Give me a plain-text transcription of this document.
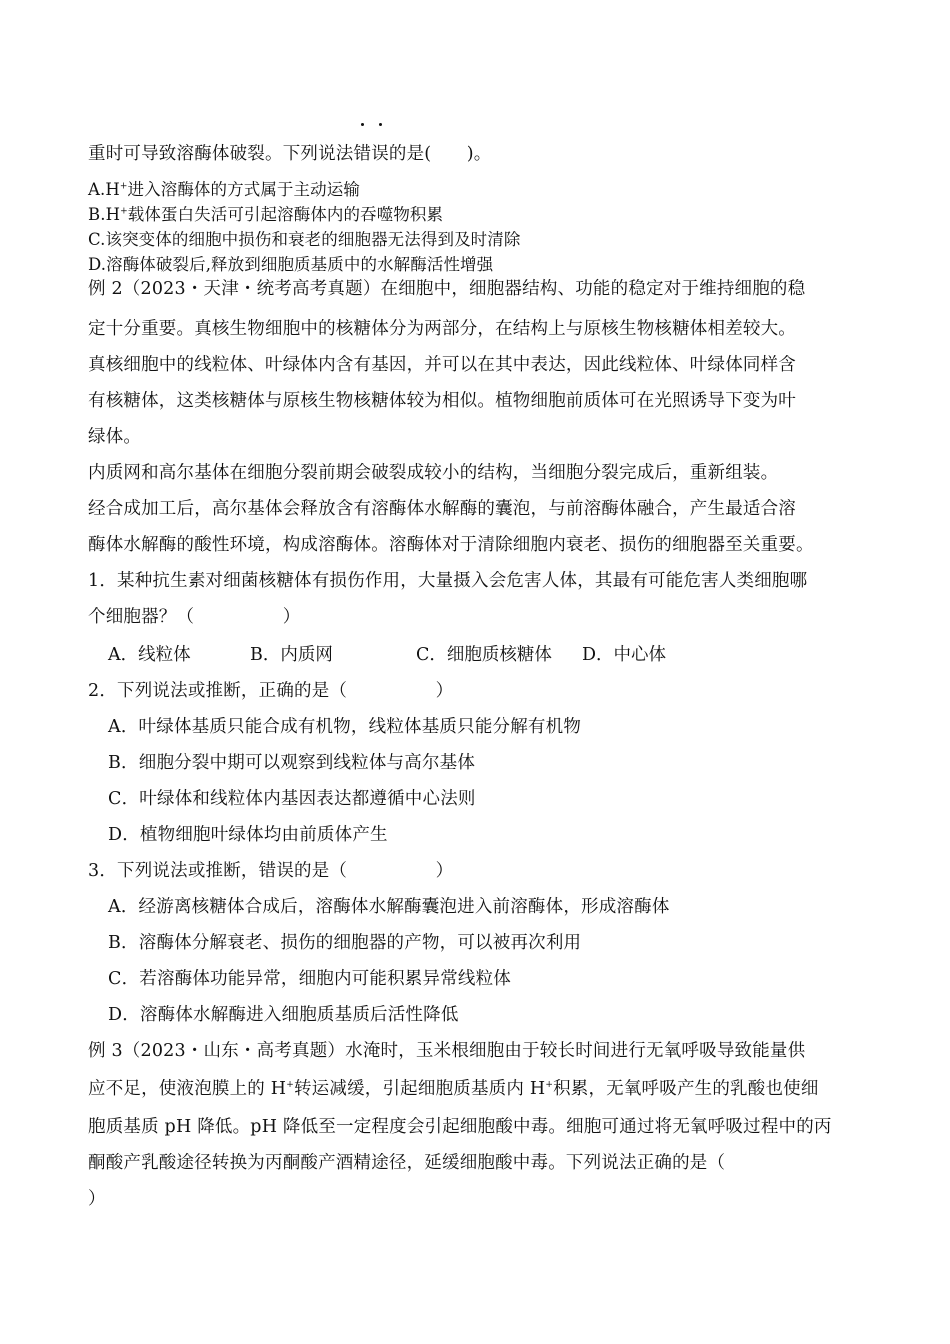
重时可导致溶酶体破裂。下列说法
错误的是(　　)。
A.H+进入溶酶体的方式属于主动运输
B.H+载体蛋白失活可引起溶酶体内的吞噬物积累
C.该突变体的细胞中损伤和衰老的细胞器无法得到及时清除
D.溶酶体破裂后,释放到细胞质基质中的水解酶活性增强
例 2（2023・天津・统考高考真题）在细胞中，细胞器结构、功能的稳定对于维持细胞的稳
定十分重要。真核生物细胞中的核糖体分为两部分，在结构上与原核生物核糖体相差较大。
真核细胞中的线粒体、叶绿体内含有基因，并可以在其中表达，因此线粒体、叶绿体同样含
有核糖体，这类核糖体与原核生物核糖体较为相似。植物细胞前质体可在光照诱导下变为叶
绿体。
内质网和高尔基体在细胞分裂前期会破裂成较小的结构，当细胞分裂完成后，重新组装。
经合成加工后，高尔基体会释放含有溶酶体水解酶的囊泡，与前溶酶体融合，产生最适合溶
酶体水解酶的酸性环境，构成溶酶体。溶酶体对于清除细胞内衰老、损伤的细胞器至关重要。
1．某种抗生素对细菌核糖体有损伤作用，大量摄入会危害人体，其最有可能危害人类细胞哪
个细胞器？（　　　　　）
A．线粒体	B．内质网	C．细胞质核糖体 D．中心体
2．下列说法或推断，正确的是（　　　　　）
A．叶绿体基质只能合成有机物，线粒体基质只能分解有机物
B．细胞分裂中期可以观察到线粒体与高尔基体
C．叶绿体和线粒体内基因表达都遵循中心法则
D．植物细胞叶绿体均由前质体产生
3．下列说法或推断，错误的是（　　　　　）
A．经游离核糖体合成后，溶酶体水解酶囊泡进入前溶酶体，形成溶酶体
B．溶酶体分解衰老、损伤的细胞器的产物，可以被再次利用
C．若溶酶体功能异常，细胞内可能积累异常线粒体
D．溶酶体水解酶进入细胞质基质后活性降低
例 3（2023・山东・高考真题）水淹时，玉米根细胞由于较长时间进行无氧呼吸导致能量供
应不足，使液泡膜上的 H+转运减缓，引起细胞质基质内 H+积累，无氧呼吸产生的乳酸也使细
胞质基质 pH 降低。pH 降低至一定程度会引起细胞酸中毒。细胞可通过将无氧呼吸过程中的丙
酮酸产乳酸途径转换为丙酮酸产酒精途径，延缓细胞酸中毒。下列说法正确的是（
）
